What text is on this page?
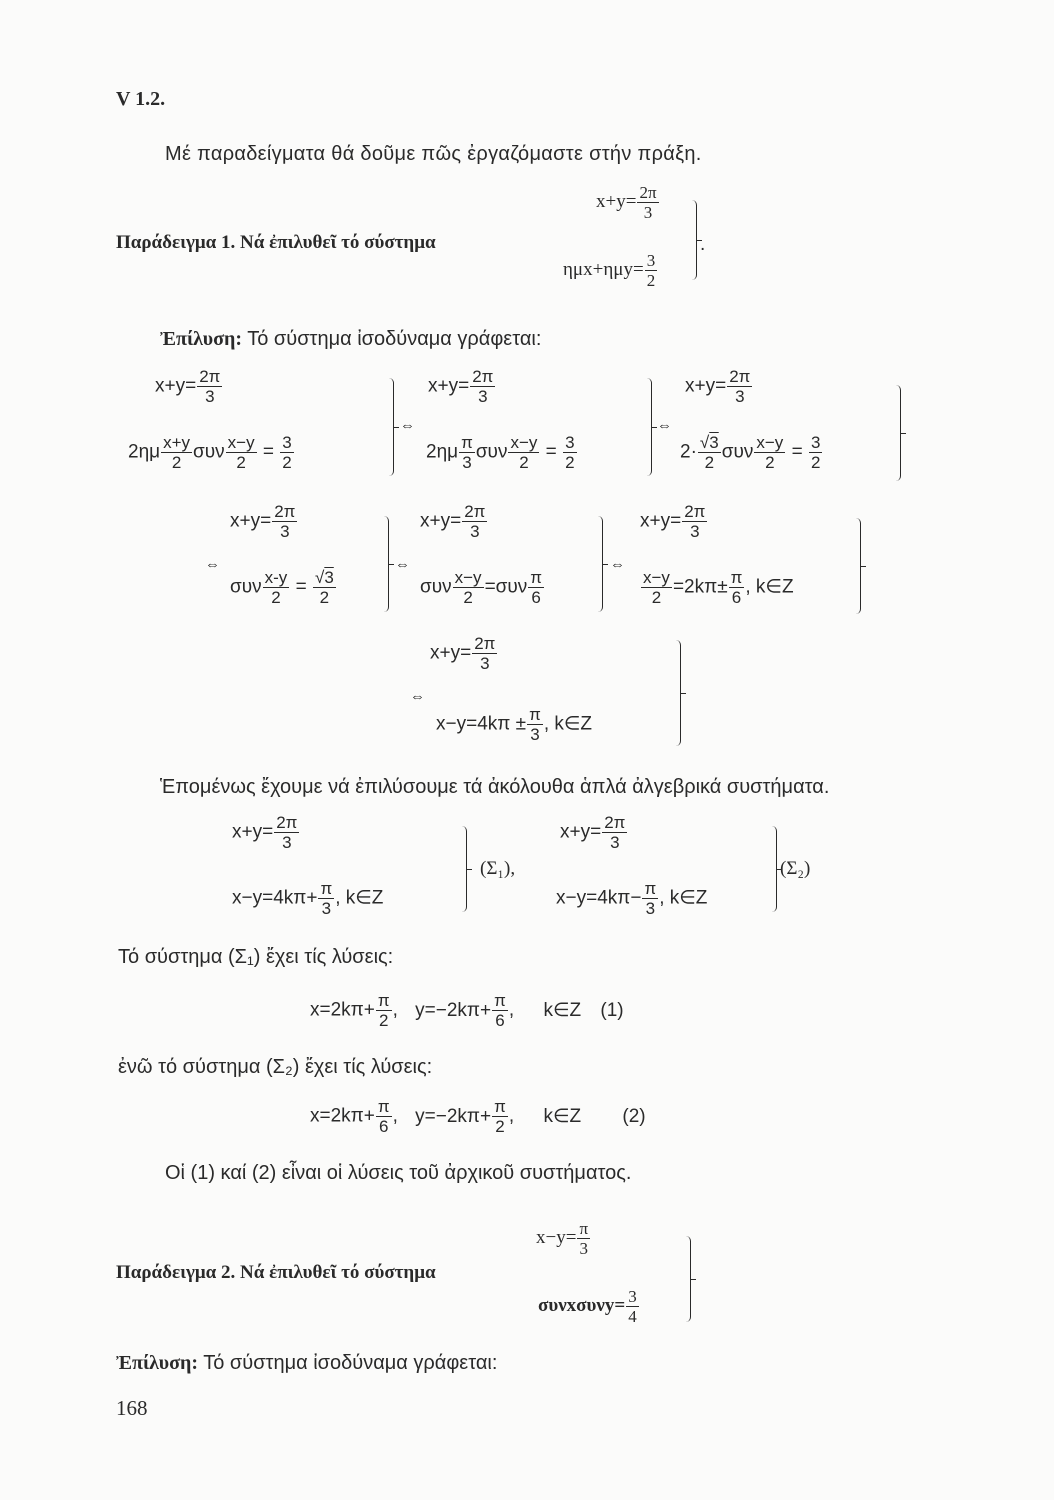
V 1.2.
Μέ παραδείγματα θά δοῦμε πῶς ἐργαζόμαστε στήν πράξη.
Παράδειγμα 1. Νά ἐπιλυθεῖ τό σύστημα
$x+y= \frac{2\pi}{3}$
$\eta\mu x+\eta\mu y= \frac{3}{2}$
.
Ἐπίλυση: Τό σύστημα ἰσοδύναμα γράφεται:
$x+y= \frac{2\pi}{3}$
$2\eta\mu \frac{x+y}{2}$ συν $\frac{x-y}{2} = \frac{3}{2}$
⇔
$x+y= \frac{2\pi}{3}$
$2\eta\mu \frac{\pi}{3}$ συν $\frac{x-y}{2} = \frac{3}{2}$
⇔
$x+y= \frac{2\pi}{3}$
2· √ $\frac{3}{2}$ συν $\frac{x-y}{2} = \frac{3}{2}$
⇔
$x+y= \frac{2\pi}{3}$
συν $\frac{x-y}{2}$ = √ $\frac{3}{2}$
⇔
$x+y= \frac{2\pi}{3}$
συν $\frac{x-y}{2} =\sigma\upsilon\nu \frac{\pi}{6}$
⇔
$x+y= \frac{2\pi}{3}$
$\frac{x-y}{2} =2k\pi\pm \frac{\pi}{6}$ , k∈Z
⇔
$x+y= \frac{2\pi}{3}$
$x-y=4k\pi \pm \frac{\pi}{3}$ , k∈Z
Ἑπομένως ἔχουμε νά ἐπιλύσουμε τά ἀκόλουθα ἁπλά ἀλγεβρικά συστήματα.
$x+y= \frac{2\pi}{3}$
$x-y=4k\pi+ \frac{\pi}{3}$ , k∈Z
(Σ₁),
$x+y= \frac{2\pi}{3}$
$x-y=4k\pi- \frac{\pi}{3}$ , k∈Z
(Σ₂)
Τό σύστημα (Σ₁) ἔχει τίς λύσεις:
$x=2k\pi+ \frac{\pi}{2}$ , $y=-2k\pi+ \frac{\pi}{6}$ , k∈Z (1)
ἐνῶ τό σύστημα (Σ₂) ἔχει τίς λύσεις:
$x=2k\pi+ \frac{\pi}{6}$ , $y=-2k\pi+ \frac{\pi}{2}$ , k∈Z (2)
Οἱ (1) καί (2) εἶναι οἱ λύσεις τοῦ ἀρχικοῦ συστήματος.
Παράδειγμα 2. Νά ἐπιλυθεῖ τό σύστημα
$x-y= \frac{\pi}{3}$
$\sigma\upsilon\nu x\sigma\upsilon\nu y= \frac{3}{4}$
Ἐπίλυση: Τό σύστημα ἰσοδύναμα γράφεται:
168
